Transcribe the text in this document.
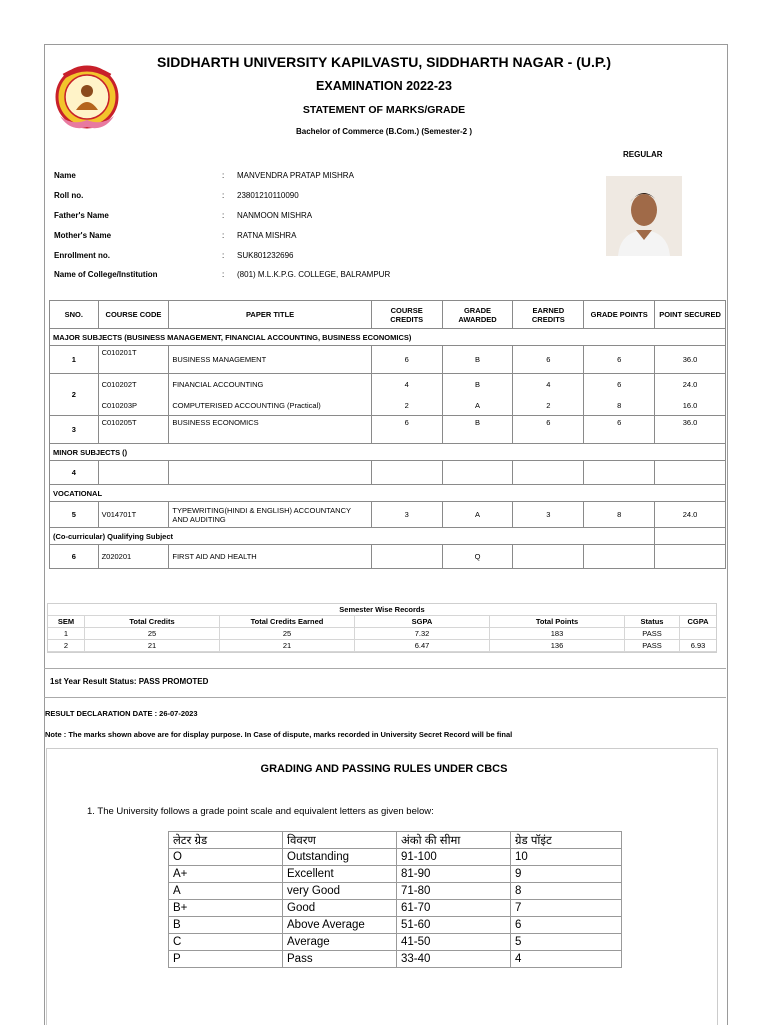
SIDDHARTH UNIVERSITY KAPILVASTU, SIDDHARTH NAGAR - (U.P.)
EXAMINATION 2022-23
STATEMENT OF MARKS/GRADE
Bachelor of Commerce (B.Com.) (Semester-2 )
REGULAR
Name	: MANVENDRA PRATAP MISHRA
Roll no.	: 23801210110090
Father's Name	: NANMOON MISHRA
Mother's Name	: RATNA MISHRA
Enrollment no.	: SUK801232696
Name of College/Institution	: (801) M.L.K.P.G. COLLEGE, BALRAMPUR
SNO.	COURSE CODE	PAPER TITLE	COURSE CREDITS	GRADE AWARDED	EARNED CREDITS	GRADE POINTS	POINT SECURED
MAJOR SUBJECTS (BUSINESS MANAGEMENT, FINANCIAL ACCOUNTING, BUSINESS ECONOMICS)							
1	C010201T	BUSINESS MANAGEMENT	6	B	6	6	36.0
2	C010202T	FINANCIAL ACCOUNTING	4	B	4	6	24.0
	C010203P	COMPUTERISED ACCOUNTING (Practical)	2	A	2	8	16.0
3	C010205T	BUSINESS ECONOMICS	6	B	6	6	36.0
MINOR SUBJECTS ()							
4							
VOCATIONAL							
5	V014701T	TYPEWRITING(HINDI & ENGLISH) ACCOUNTANCY AND AUDITING	3	A	3	8	24.0
(Co-curricular) Qualifying Subject							
6	Z020201	FIRST AID AND HEALTH		Q			
Semester Wise Records						
SEM	Total Credits	Total Credits Earned	SGPA	Total Points	Status	CGPA
1	25	25	7.32	183	PASS	
2	21	21	6.47	136	PASS	6.93
1st Year Result Status: PASS PROMOTED
RESULT DECLARATION DATE : 26-07-2023
Note : The marks shown above are for display purpose. In Case of dispute, marks recorded in University Secret Record will be final
GRADING AND PASSING RULES UNDER CBCS
1. The University follows a grade point scale and equivalent letters as given below:
लेटर ग्रेड	विवरण	अंको की सीमा	ग्रेड पॉइंट
O	Outstanding	91-100	10
A+	Excellent	81-90	9
A	very Good	71-80	8
B+	Good	61-70	7
B	Above Average	51-60	6
C	Average	41-50	5
P	Pass	33-40	4
